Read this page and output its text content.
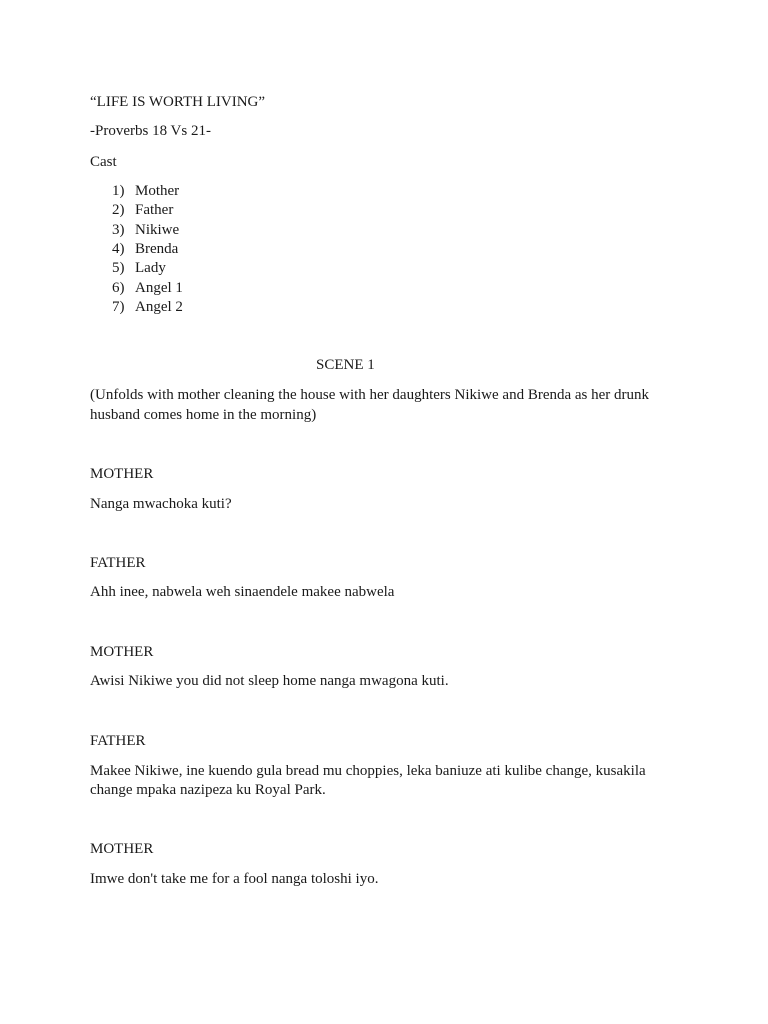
“LIFE IS WORTH LIVING”
-Proverbs 18 Vs 21-
Cast
1) Mother
2) Father
3) Nikiwe
4) Brenda
5) Lady
6) Angel 1
7) Angel 2
SCENE 1
(Unfolds with mother cleaning the house with her daughters Nikiwe and Brenda as her drunk
husband comes home in the morning)
MOTHER
Nanga mwachoka kuti?
FATHER
Ahh inee, nabwela weh sinaendele makee nabwela
MOTHER
Awisi Nikiwe you did not sleep home nanga mwagona kuti.
FATHER
Makee Nikiwe, ine kuendo gula bread mu choppies, leka baniuze ati kulibe change, kusakila
change mpaka nazipeza ku Royal Park.
MOTHER
Imwe don't take me for a fool nanga toloshi iyo.
